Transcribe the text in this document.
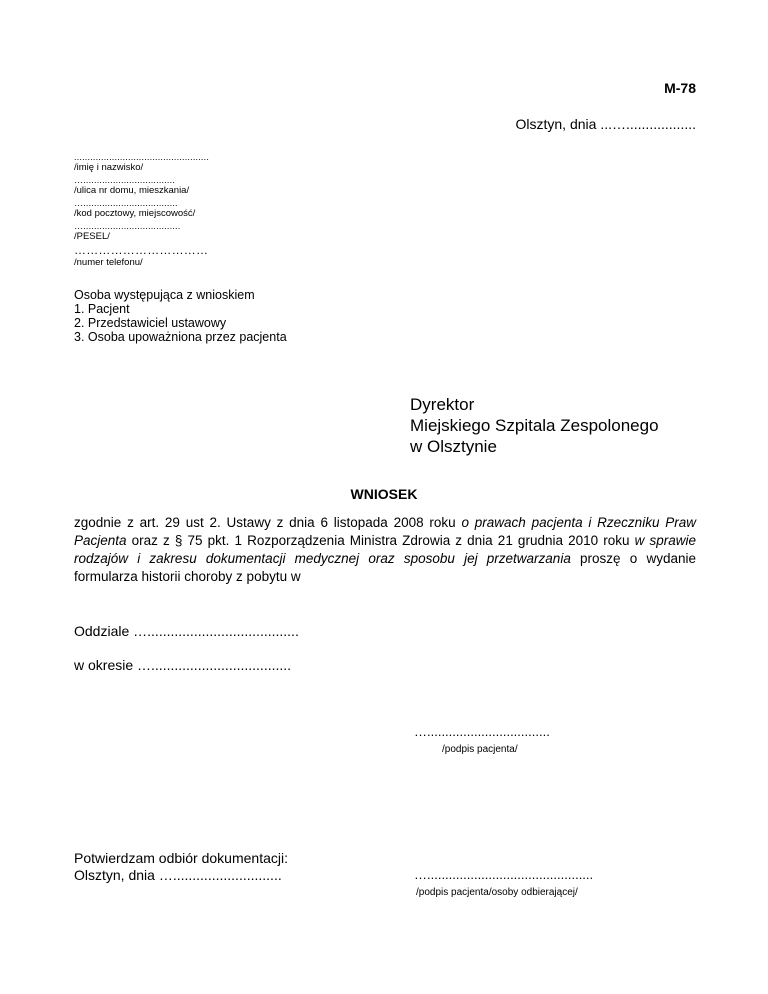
M-78
Olsztyn, dnia ...…..................
..................................................
/imię i nazwisko/
…..................................
/ulica nr domu, mieszkania/
…...................................
/kod pocztowy, miejscowość/
…....................................
/PESEL/
……………………………
/numer telefonu/
Osoba występująca z wnioskiem
1. Pacjent
2. Przedstawiciel ustawowy
3. Osoba upoważniona przez pacjenta
Dyrektor
Miejskiego Szpitala Zespolonego
w Olsztynie
WNIOSEK
zgodnie z art. 29 ust 2. Ustawy z dnia 6 listopada 2008 roku o prawach pacjenta i Rzeczniku Praw Pacjenta oraz z § 75 pkt. 1 Rozporządzenia Ministra Zdrowia z dnia 21 grudnia 2010 roku w sprawie rodzajów i zakresu dokumentacji medycznej oraz sposobu jej przetwarzania proszę o wydanie formularza historii choroby z pobytu w
Oddziale ….......................................
w okresie …....................................
…..................................
/podpis pacjenta/
Potwierdzam odbiór dokumentacji:
Olsztyn, dnia …............................	…..............................................
/podpis pacjenta/osoby odbierającej/
